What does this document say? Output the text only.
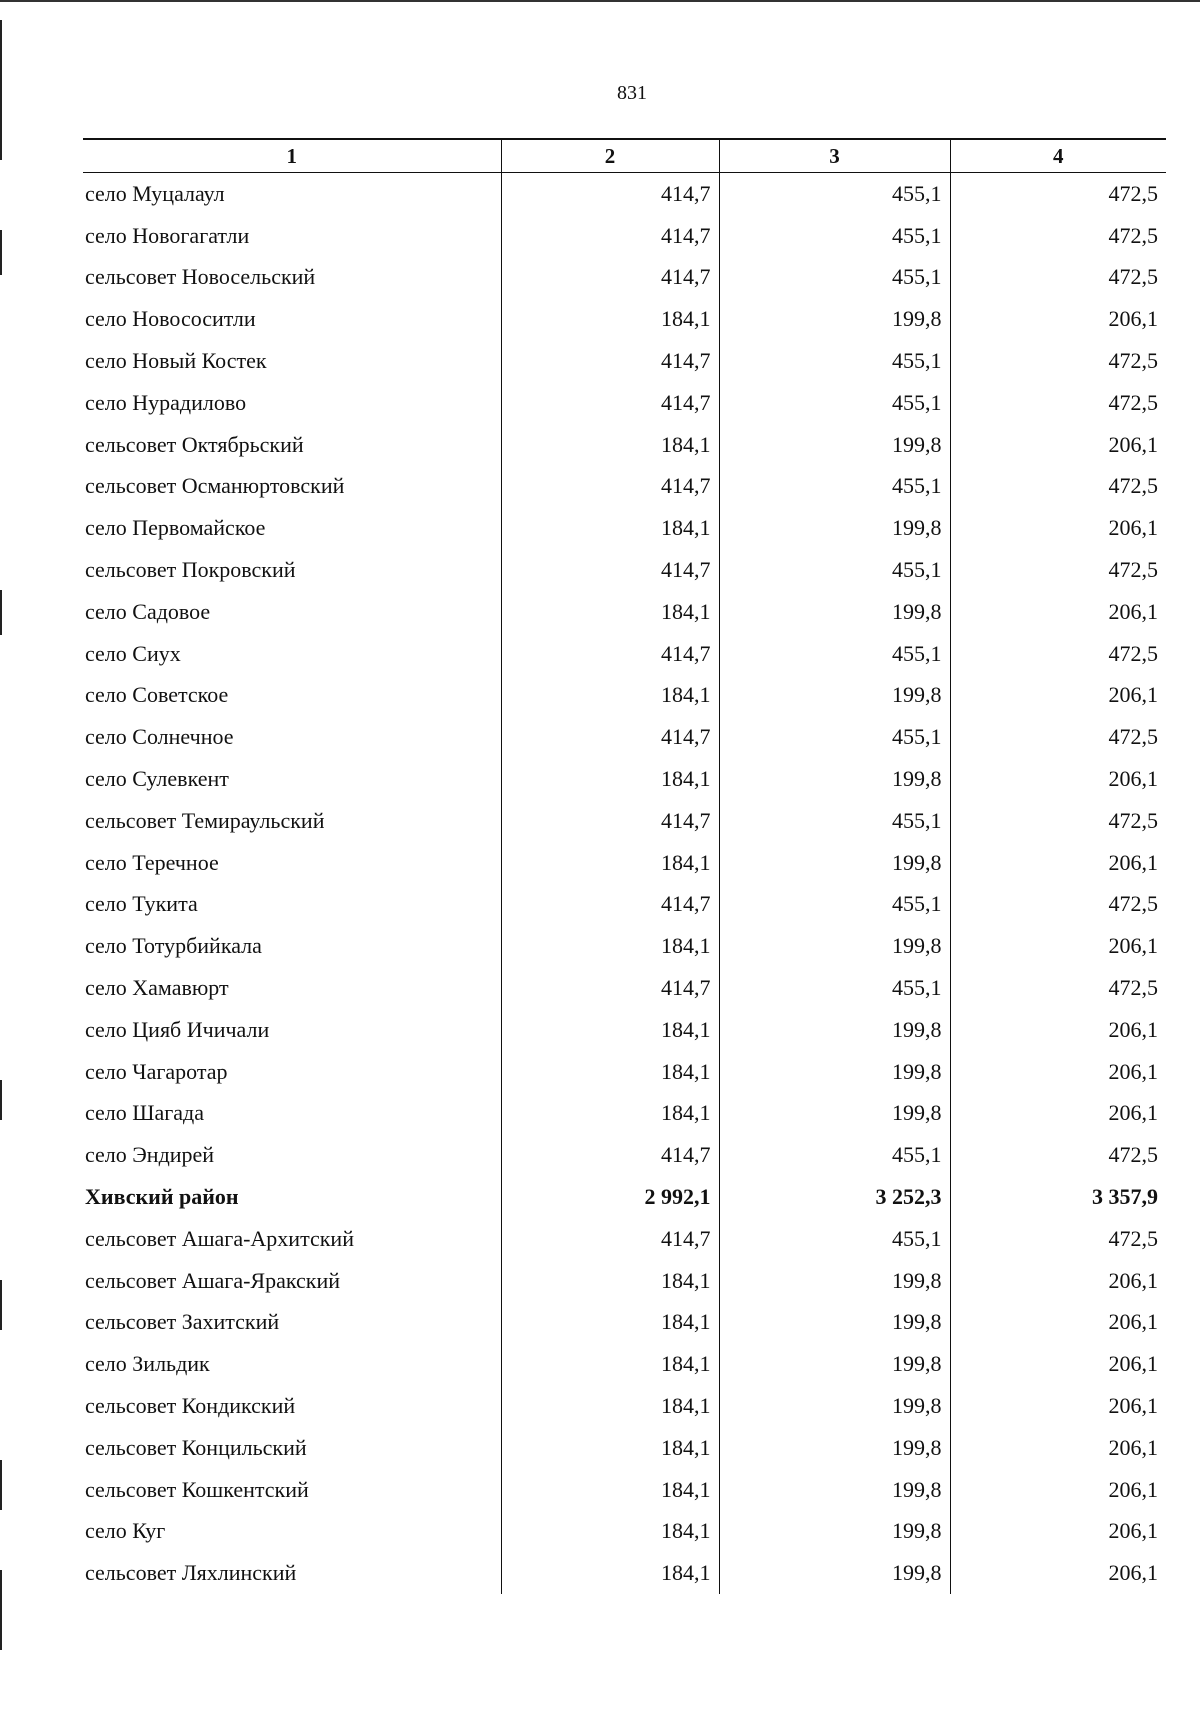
831
1	2	3	4
село Муцалаул	414,7	455,1	472,5
село Новогагатли	414,7	455,1	472,5
сельсовет Новосельский	414,7	455,1	472,5
село Новососитли	184,1	199,8	206,1
село Новый Костек	414,7	455,1	472,5
село Нурадилово	414,7	455,1	472,5
сельсовет Октябрьский	184,1	199,8	206,1
сельсовет Османюртовский	414,7	455,1	472,5
село Первомайское	184,1	199,8	206,1
сельсовет Покровский	414,7	455,1	472,5
село Садовое	184,1	199,8	206,1
село Сиух	414,7	455,1	472,5
село Советское	184,1	199,8	206,1
село Солнечное	414,7	455,1	472,5
село Сулевкент	184,1	199,8	206,1
сельсовет Темираульский	414,7	455,1	472,5
село Теречное	184,1	199,8	206,1
село Тукита	414,7	455,1	472,5
село Тотурбийкала	184,1	199,8	206,1
село Хамавюрт	414,7	455,1	472,5
село Цияб Ичичали	184,1	199,8	206,1
село Чагаротар	184,1	199,8	206,1
село Шагада	184,1	199,8	206,1
село Эндирей	414,7	455,1	472,5
Хивский район	2 992,1	3 252,3	3 357,9
сельсовет Ашага-Архитский	414,7	455,1	472,5
сельсовет Ашага-Яракский	184,1	199,8	206,1
сельсовет Захитский	184,1	199,8	206,1
село Зильдик	184,1	199,8	206,1
сельсовет Кондикский	184,1	199,8	206,1
сельсовет Концильский	184,1	199,8	206,1
сельсовет Кошкентский	184,1	199,8	206,1
село Куг	184,1	199,8	206,1
сельсовет Ляхлинский	184,1	199,8	206,1
